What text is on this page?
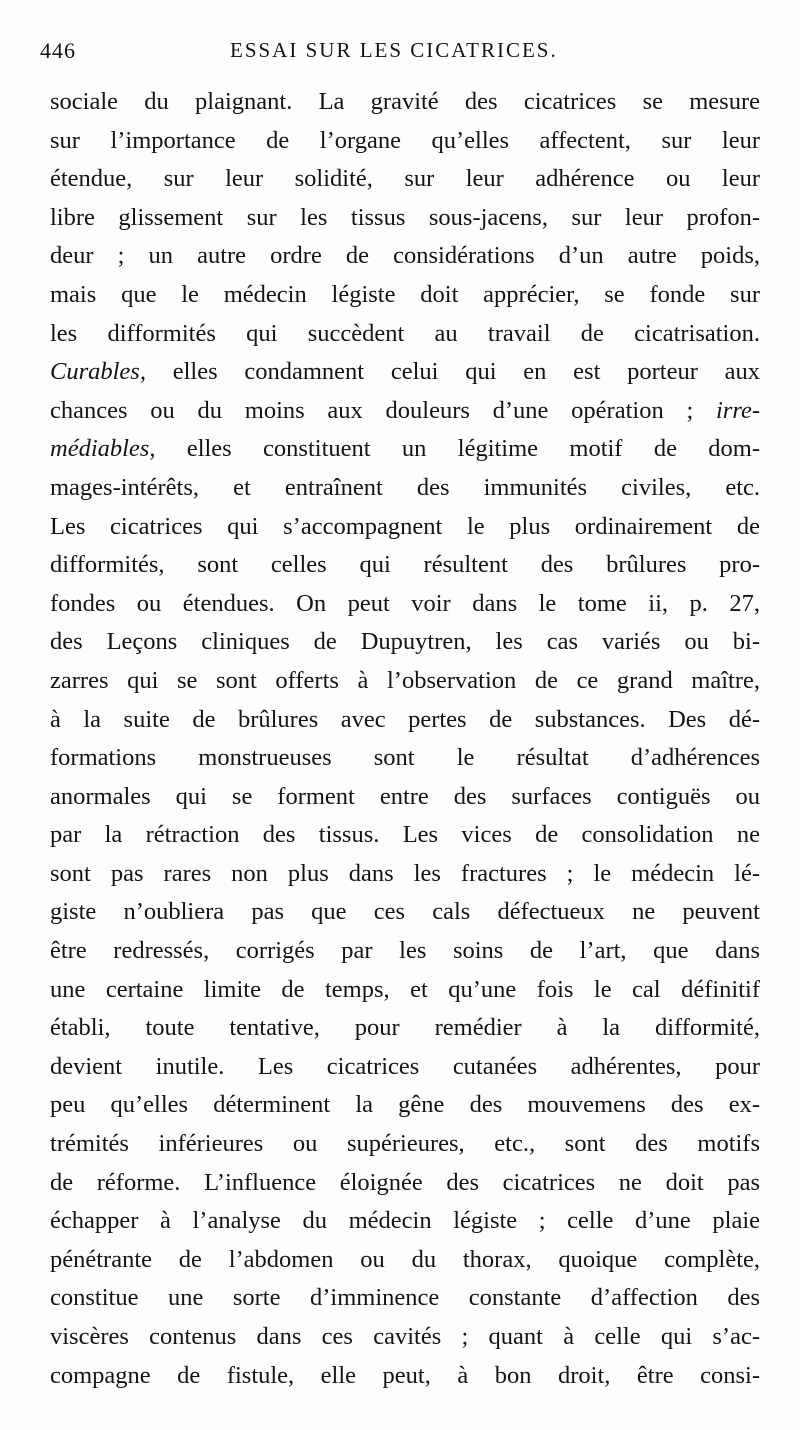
446	ESSAI SUR LES CICATRICES.
sociale du plaignant. La gravité des cicatrices se mesure
sur l’importance de l’organe qu’elles affectent, sur leur
étendue, sur leur solidité, sur leur adhérence ou leur
libre glissement sur les tissus sous-jacens, sur leur profon-
deur ; un autre ordre de considérations d’un autre poids,
mais que le médecin légiste doit apprécier, se fonde sur
les difformités qui succèdent au travail de cicatrisation.
Curables, elles condamnent celui qui en est porteur aux
chances ou du moins aux douleurs d’une opération ; irre-
médiables, elles constituent un légitime motif de dom-
mages-intérêts, et entraînent des immunités civiles, etc.
Les cicatrices qui s’accompagnent le plus ordinairement de
difformités, sont celles qui résultent des brûlures pro-
fondes ou étendues. On peut voir dans le tome ii, p. 27,
des Leçons cliniques de Dupuytren, les cas variés ou bi-
zarres qui se sont offerts à l’observation de ce grand maître,
à la suite de brûlures avec pertes de substances. Des dé-
formations monstrueuses sont le résultat d’adhérences
anormales qui se forment entre des surfaces contiguës ou
par la rétraction des tissus. Les vices de consolidation ne
sont pas rares non plus dans les fractures ; le médecin lé-
giste n’oubliera pas que ces cals défectueux ne peuvent
être redressés, corrigés par les soins de l’art, que dans
une certaine limite de temps, et qu’une fois le cal définitif
établi, toute tentative, pour remédier à la difformité,
devient inutile. Les cicatrices cutanées adhérentes, pour
peu qu’elles déterminent la gêne des mouvemens des ex-
trémités inférieures ou supérieures, etc., sont des motifs
de réforme. L’influence éloignée des cicatrices ne doit pas
échapper à l’analyse du médecin légiste ; celle d’une plaie
pénétrante de l’abdomen ou du thorax, quoique complète,
constitue une sorte d’imminence constante d’affection des
viscères contenus dans ces cavités ; quant à celle qui s’ac-
compagne de fistule, elle peut, à bon droit, être consi-
